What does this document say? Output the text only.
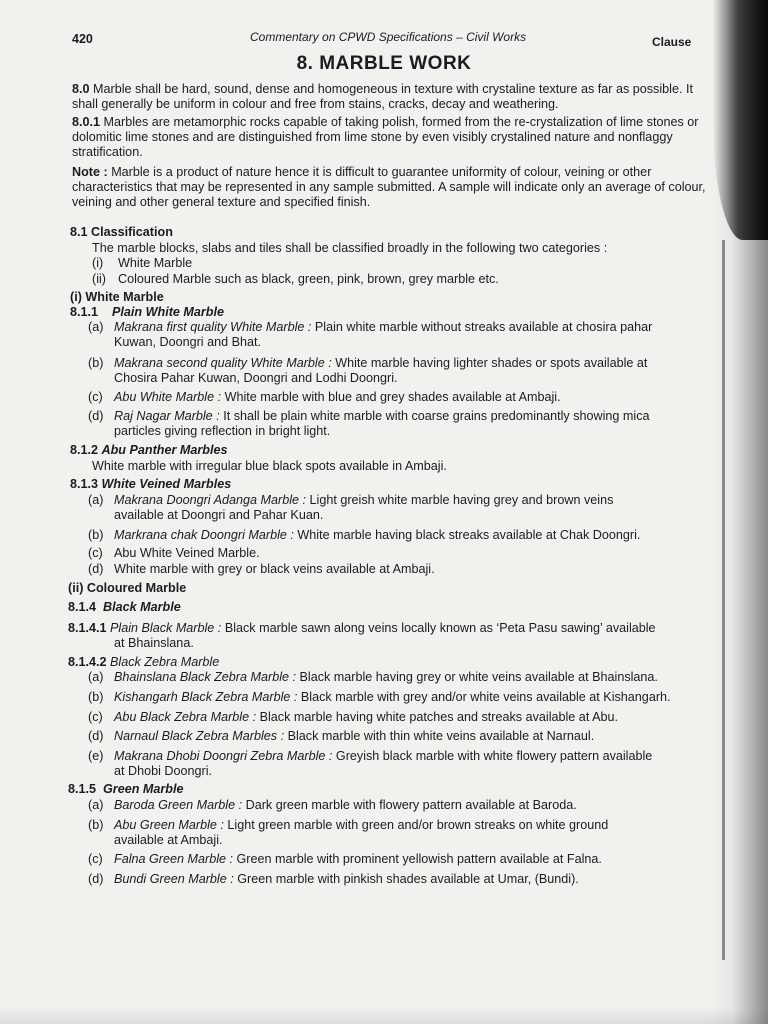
420	Commentary on CPWD Specifications – Civil Works	Clause
8. MARBLE WORK

8.0 Marble shall be hard, sound, dense and homogeneous in texture with crystaline texture as far as possible. It shall generally be uniform in colour and free from stains, cracks, decay and weathering.

8.0.1 Marbles are metamorphic rocks capable of taking polish, formed from the re-crystalization of lime stones or dolomitic lime stones and are distinguished from lime stone by even visibly crystalined nature and nonflaggy stratification.

Note : Marble is a product of nature hence it is difficult to guarantee uniformity of colour, veining or other characteristics that may be represented in any sample submitted. A sample will indicate only an average of colour, veining and other general texture and specified finish.

8.1 Classification

The marble blocks, slabs and tiles shall be classified broadly in the following two categories :

(i) White Marble

(ii) Coloured Marble such as black, green, pink, brown, grey marble etc.

(i) White Marble

8.1.1 Plain White Marble

(a) Makrana first quality White Marble : Plain white marble without streaks available at chosira pahar

Kuwan, Doongri and Bhat.

(b) Makrana second quality White Marble : White marble having lighter shades or spots available at

Chosira Pahar Kuwan, Doongri and Lodhi Doongri.

(c) Abu White Marble : White marble with blue and grey shades available at Ambaji.

(d) Raj Nagar Marble : It shall be plain white marble with coarse grains predominantly showing mica

particles giving reflection in bright light.

8.1.2 Abu Panther Marbles

White marble with irregular blue black spots available in Ambaji.

8.1.3 White Veined Marbles

(a) Makrana Doongri Adanga Marble : Light greish white marble having grey and brown veins

available at Doongri and Pahar Kuan.

(b) Markrana chak Doongri Marble : White marble having black streaks available at Chak Doongri.

(c) Abu White Veined Marble.

(d) White marble with grey or black veins available at Ambaji.

(ii) Coloured Marble

8.1.4 Black Marble

8.1.4.1 Plain Black Marble : Black marble sawn along veins locally known as ‘Peta Pasu sawing’ available

at Bhainslana.

8.1.4.2 Black Zebra Marble

(a) Bhainslana Black Zebra Marble : Black marble having grey or white veins available at Bhainslana.

(b) Kishangarh Black Zebra Marble : Black marble with grey and/or white veins available at Kishangarh.

(c) Abu Black Zebra Marble : Black marble having white patches and streaks available at Abu.

(d) Narnaul Black Zebra Marbles : Black marble with thin white veins available at Narnaul.

(e) Makrana Dhobi Doongri Zebra Marble : Greyish black marble with white flowery pattern available

at Dhobi Doongri.

8.1.5 Green Marble

(a) Baroda Green Marble : Dark green marble with flowery pattern available at Baroda.

(b) Abu Green Marble : Light green marble with green and/or brown streaks on white ground

available at Ambaji.

(c) Falna Green Marble : Green marble with prominent yellowish pattern available at Falna.

(d) Bundi Green Marble : Green marble with pinkish shades available at Umar, (Bundi).
